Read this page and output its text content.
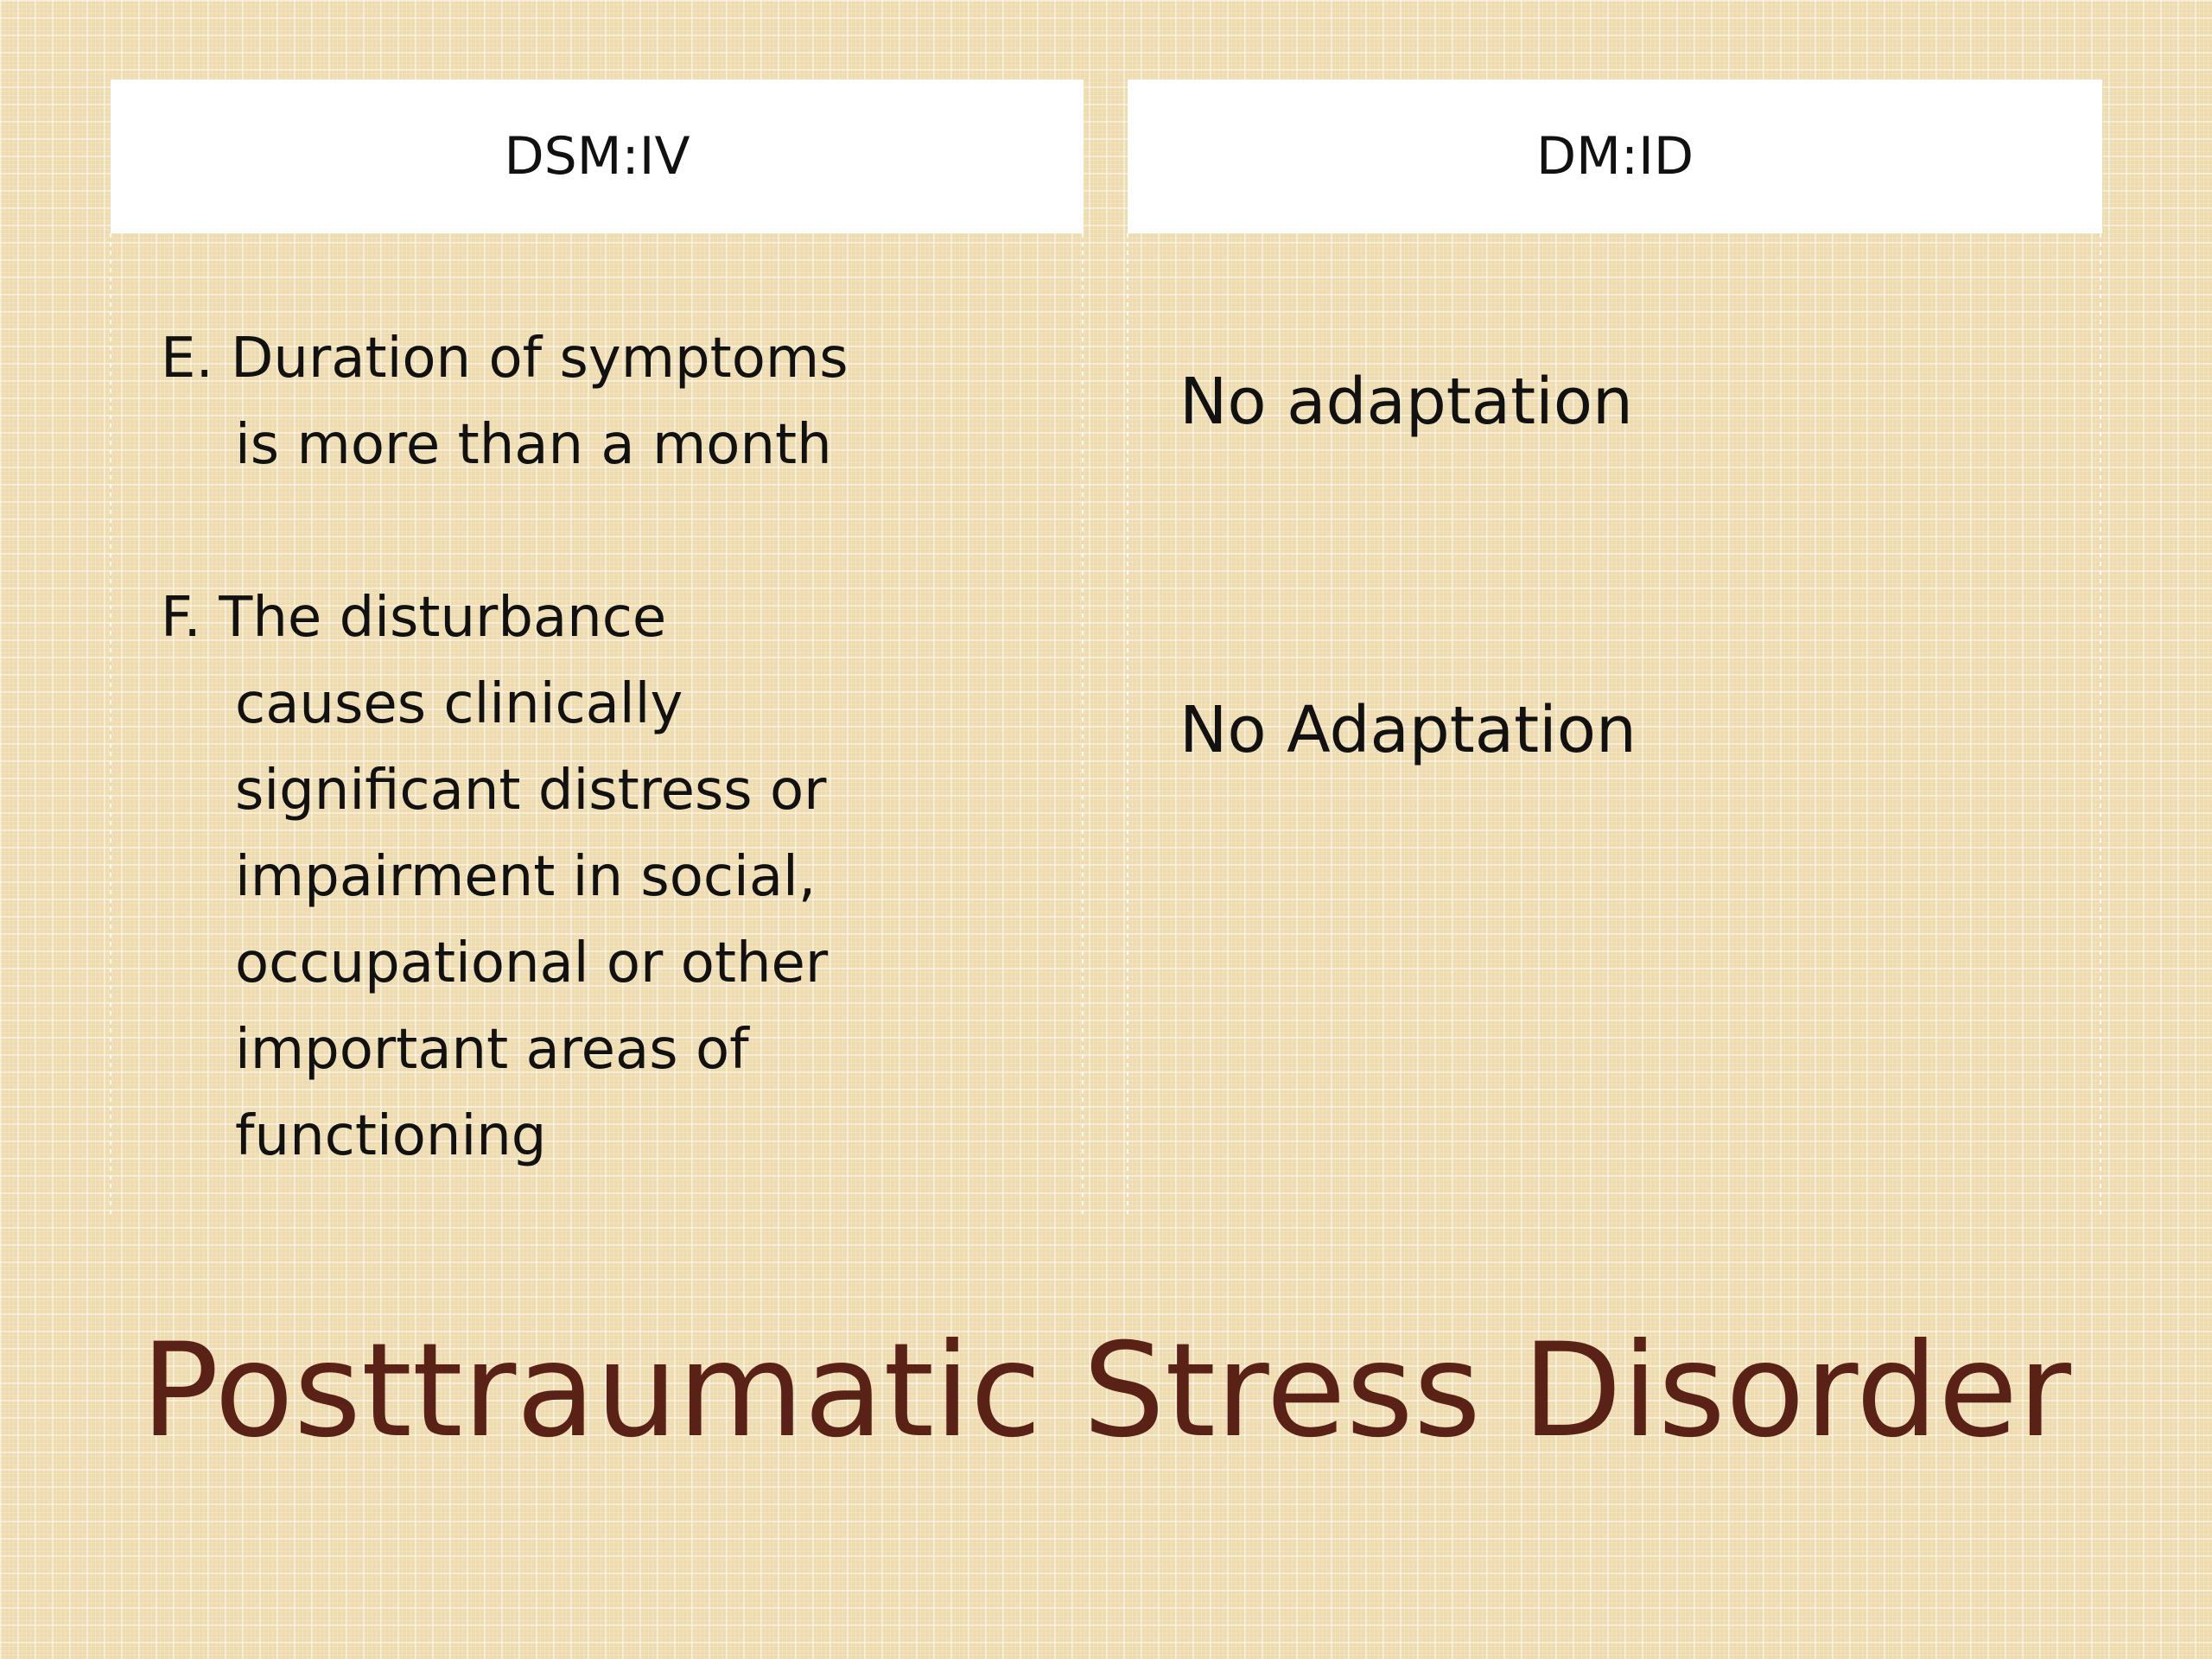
DSM:IV	DM:ID
E. Duration of symptoms
is more than a month
F. The disturbance
causes clinically
significant distress or
impairment in social,
occupational or other
important areas of
functioning
No adaptation
No Adaptation
Posttraumatic Stress Disorder
